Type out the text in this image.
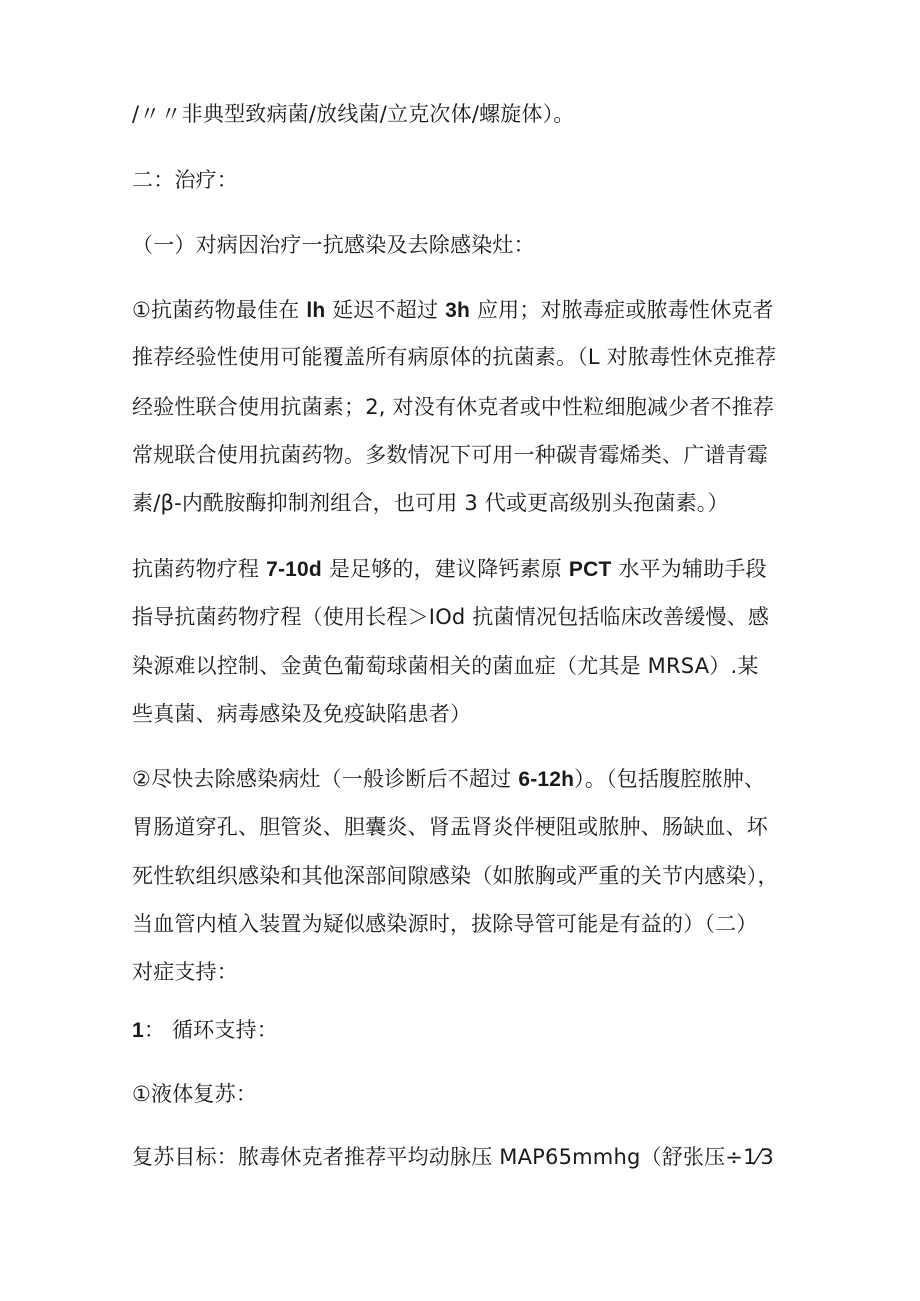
/〃〃非典型致病菌/放线菌/立克次体/螺旋体）。
二：治疗：
（一）对病因治疗一抗感染及去除感染灶：
①抗菌药物最佳在 lh 延迟不超过 3h 应用；对脓毒症或脓毒性休克者
推荐经验性使用可能覆盖所有病原体的抗菌素。（L 对脓毒性休克推荐
经验性联合使用抗菌素；2, 对没有休克者或中性粒细胞减少者不推荐
常规联合使用抗菌药物。多数情况下可用一种碳青霉烯类、广谱青霉
素/β-内酰胺酶抑制剂组合，也可用 3 代或更高级别头孢菌素。）
抗菌药物疗程 7-10d 是足够的，建议降钙素原 PCT 水平为辅助手段
指导抗菌药物疗程（使用长程＞IOd 抗菌情况包括临床改善缓慢、感
染源难以控制、金黄色葡萄球菌相关的菌血症（尤其是 MRSA）.某
些真菌、病毒感染及免疫缺陷患者）
②尽快去除感染病灶（一般诊断后不超过 6-12h）。（包括腹腔脓肿、
胃肠道穿孔、胆管炎、胆囊炎、肾盂肾炎伴梗阻或脓肿、肠缺血、坏
死性软组织感染和其他深部间隙感染（如脓胸或严重的关节内感染），
当血管内植入装置为疑似感染源时，拔除导管可能是有益的）（二）
对症支持：
1： 循环支持：
①液体复苏：
复苏目标：脓毒休克者推荐平均动脉压 MAP65mmhg（舒张压÷1⁄3
